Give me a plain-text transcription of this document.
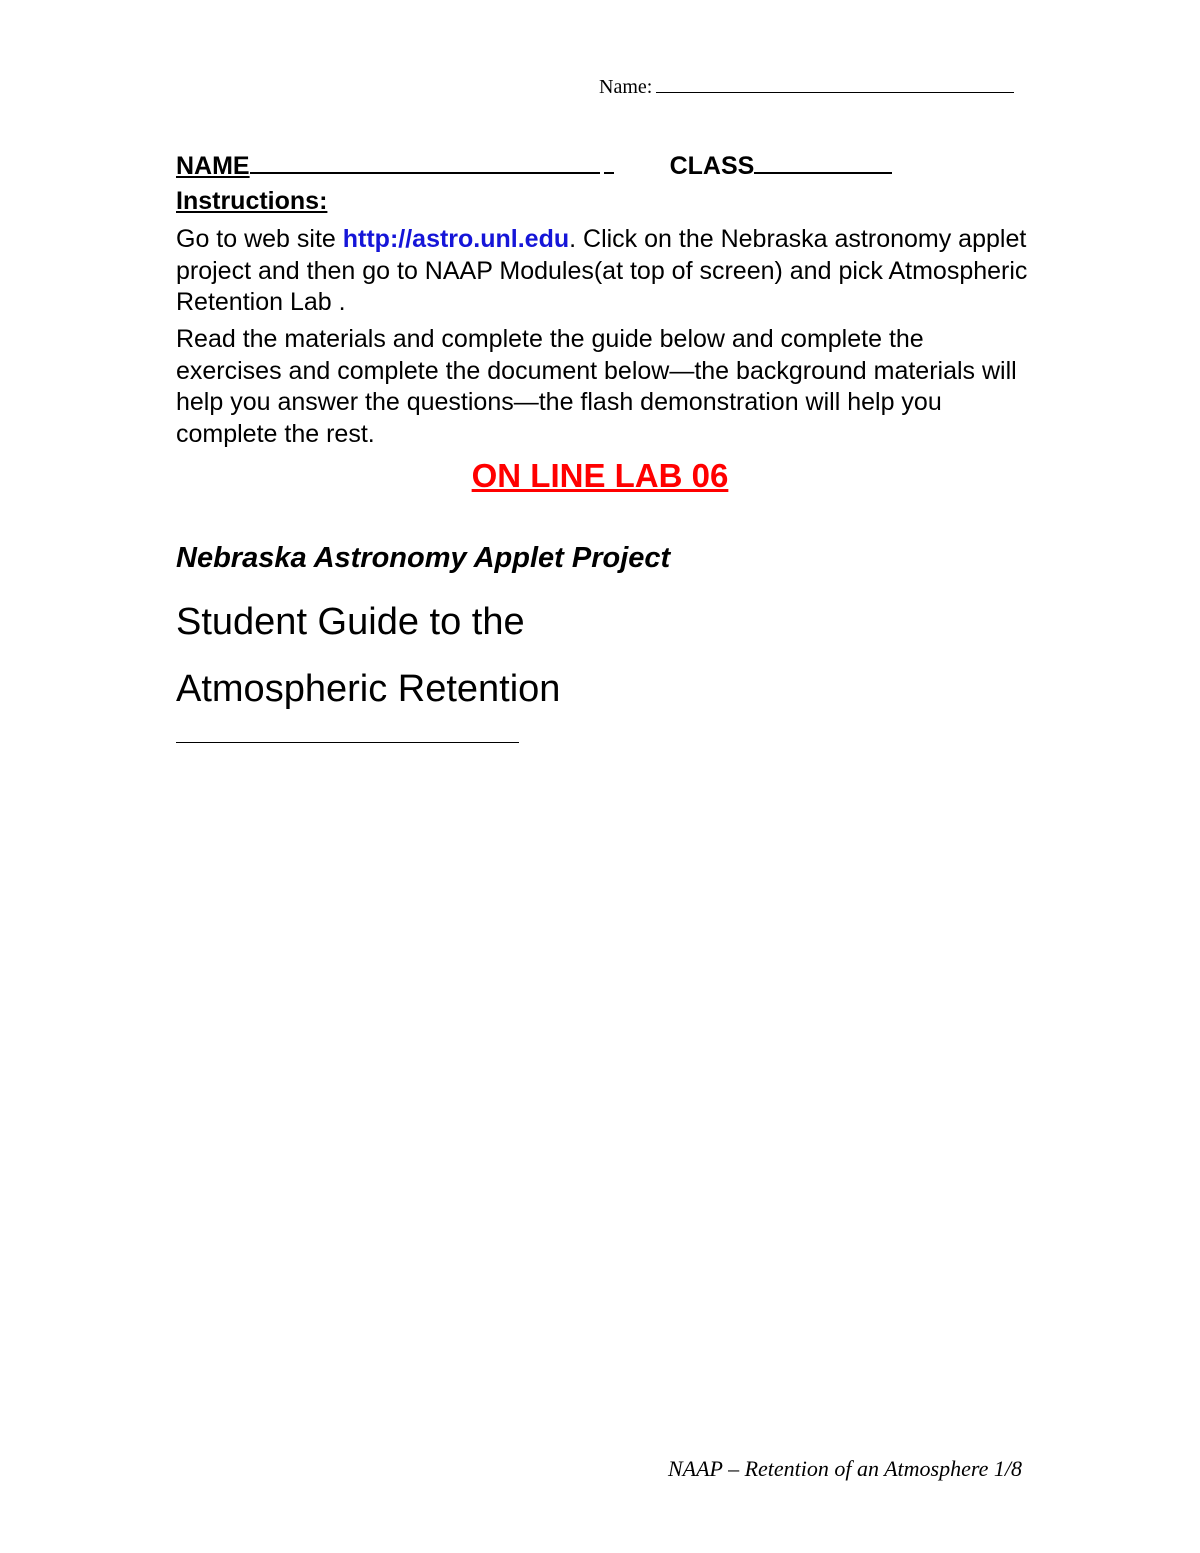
Name:
NAME	CLASS
Instructions:
Go to web site http://astro.unl.edu. Click on the Nebraska astronomy applet project and then go to NAAP Modules(at top of screen) and pick Atmospheric Retention Lab .
Read the materials and complete the guide below and complete the exercises and complete the document below—the background materials will help you answer the questions—the flash demonstration will help you complete the rest.
ON LINE LAB 06
Nebraska Astronomy Applet Project
Student Guide to the
Atmospheric Retention
NAAP – Retention of an Atmosphere 1/8
